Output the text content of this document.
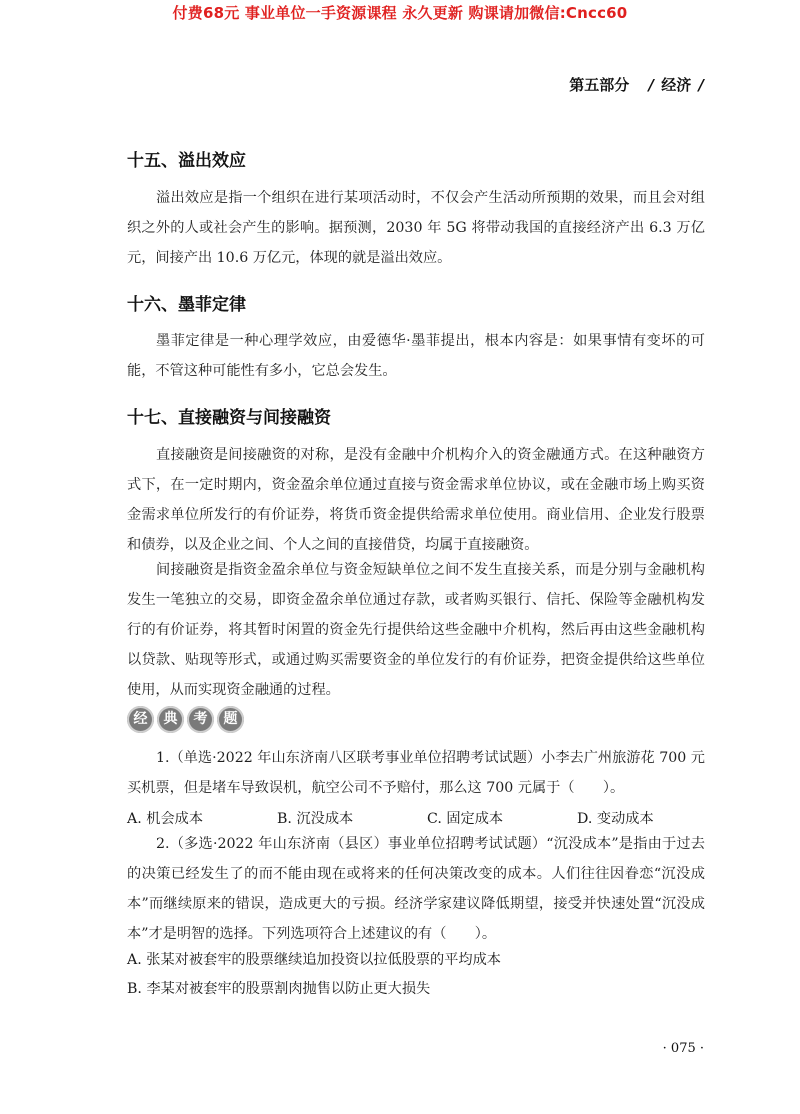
付费68元 事业单位一手资源课程 永久更新 购课请加微信:Cncc60
第五部分 / 经济 /
十五、溢出效应
溢出效应是指一个组织在进行某项活动时，不仅会产生活动所预期的效果，而且会对组织之外的人或社会产生的影响。据预测，2030 年 5G 将带动我国的直接经济产出 6.3 万亿元，间接产出 10.6 万亿元，体现的就是溢出效应。
十六、墨菲定律
墨菲定律是一种心理学效应，由爱德华·墨菲提出，根本内容是：如果事情有变坏的可能，不管这种可能性有多小，它总会发生。
十七、直接融资与间接融资
直接融资是间接融资的对称，是没有金融中介机构介入的资金融通方式。在这种融资方式下，在一定时期内，资金盈余单位通过直接与资金需求单位协议，或在金融市场上购买资金需求单位所发行的有价证券，将货币资金提供给需求单位使用。商业信用、企业发行股票和债券，以及企业之间、个人之间的直接借贷，均属于直接融资。
间接融资是指资金盈余单位与资金短缺单位之间不发生直接关系，而是分别与金融机构发生一笔独立的交易，即资金盈余单位通过存款，或者购买银行、信托、保险等金融机构发行的有价证券，将其暂时闲置的资金先行提供给这些金融中介机构，然后再由这些金融机构以贷款、贴现等形式，或通过购买需要资金的单位发行的有价证券，把资金提供给这些单位使用，从而实现资金融通的过程。
经	典	考	题
1.（单选·2022 年山东济南八区联考事业单位招聘考试试题）小李去广州旅游花 700 元买机票，但是堵车导致误机，航空公司不予赔付，那么这 700 元属于（　　）。
A. 机会成本	B. 沉没成本	C. 固定成本	D. 变动成本
2.（多选·2022 年山东济南（县区）事业单位招聘考试试题）“沉没成本”是指由于过去的决策已经发生了的而不能由现在或将来的任何决策改变的成本。人们往往因眷恋“沉没成本”而继续原来的错误，造成更大的亏损。经济学家建议降低期望，接受并快速处置“沉没成本”才是明智的选择。下列选项符合上述建议的有（　　）。
A. 张某对被套牢的股票继续追加投资以拉低股票的平均成本
B. 李某对被套牢的股票割肉抛售以防止更大损失
· 075 ·
